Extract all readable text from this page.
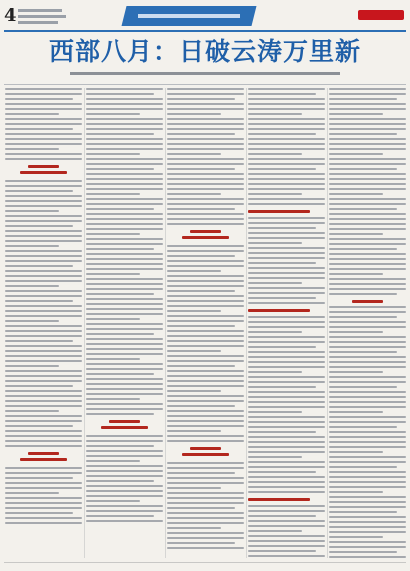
4
西部八月：日破云涛万里新
